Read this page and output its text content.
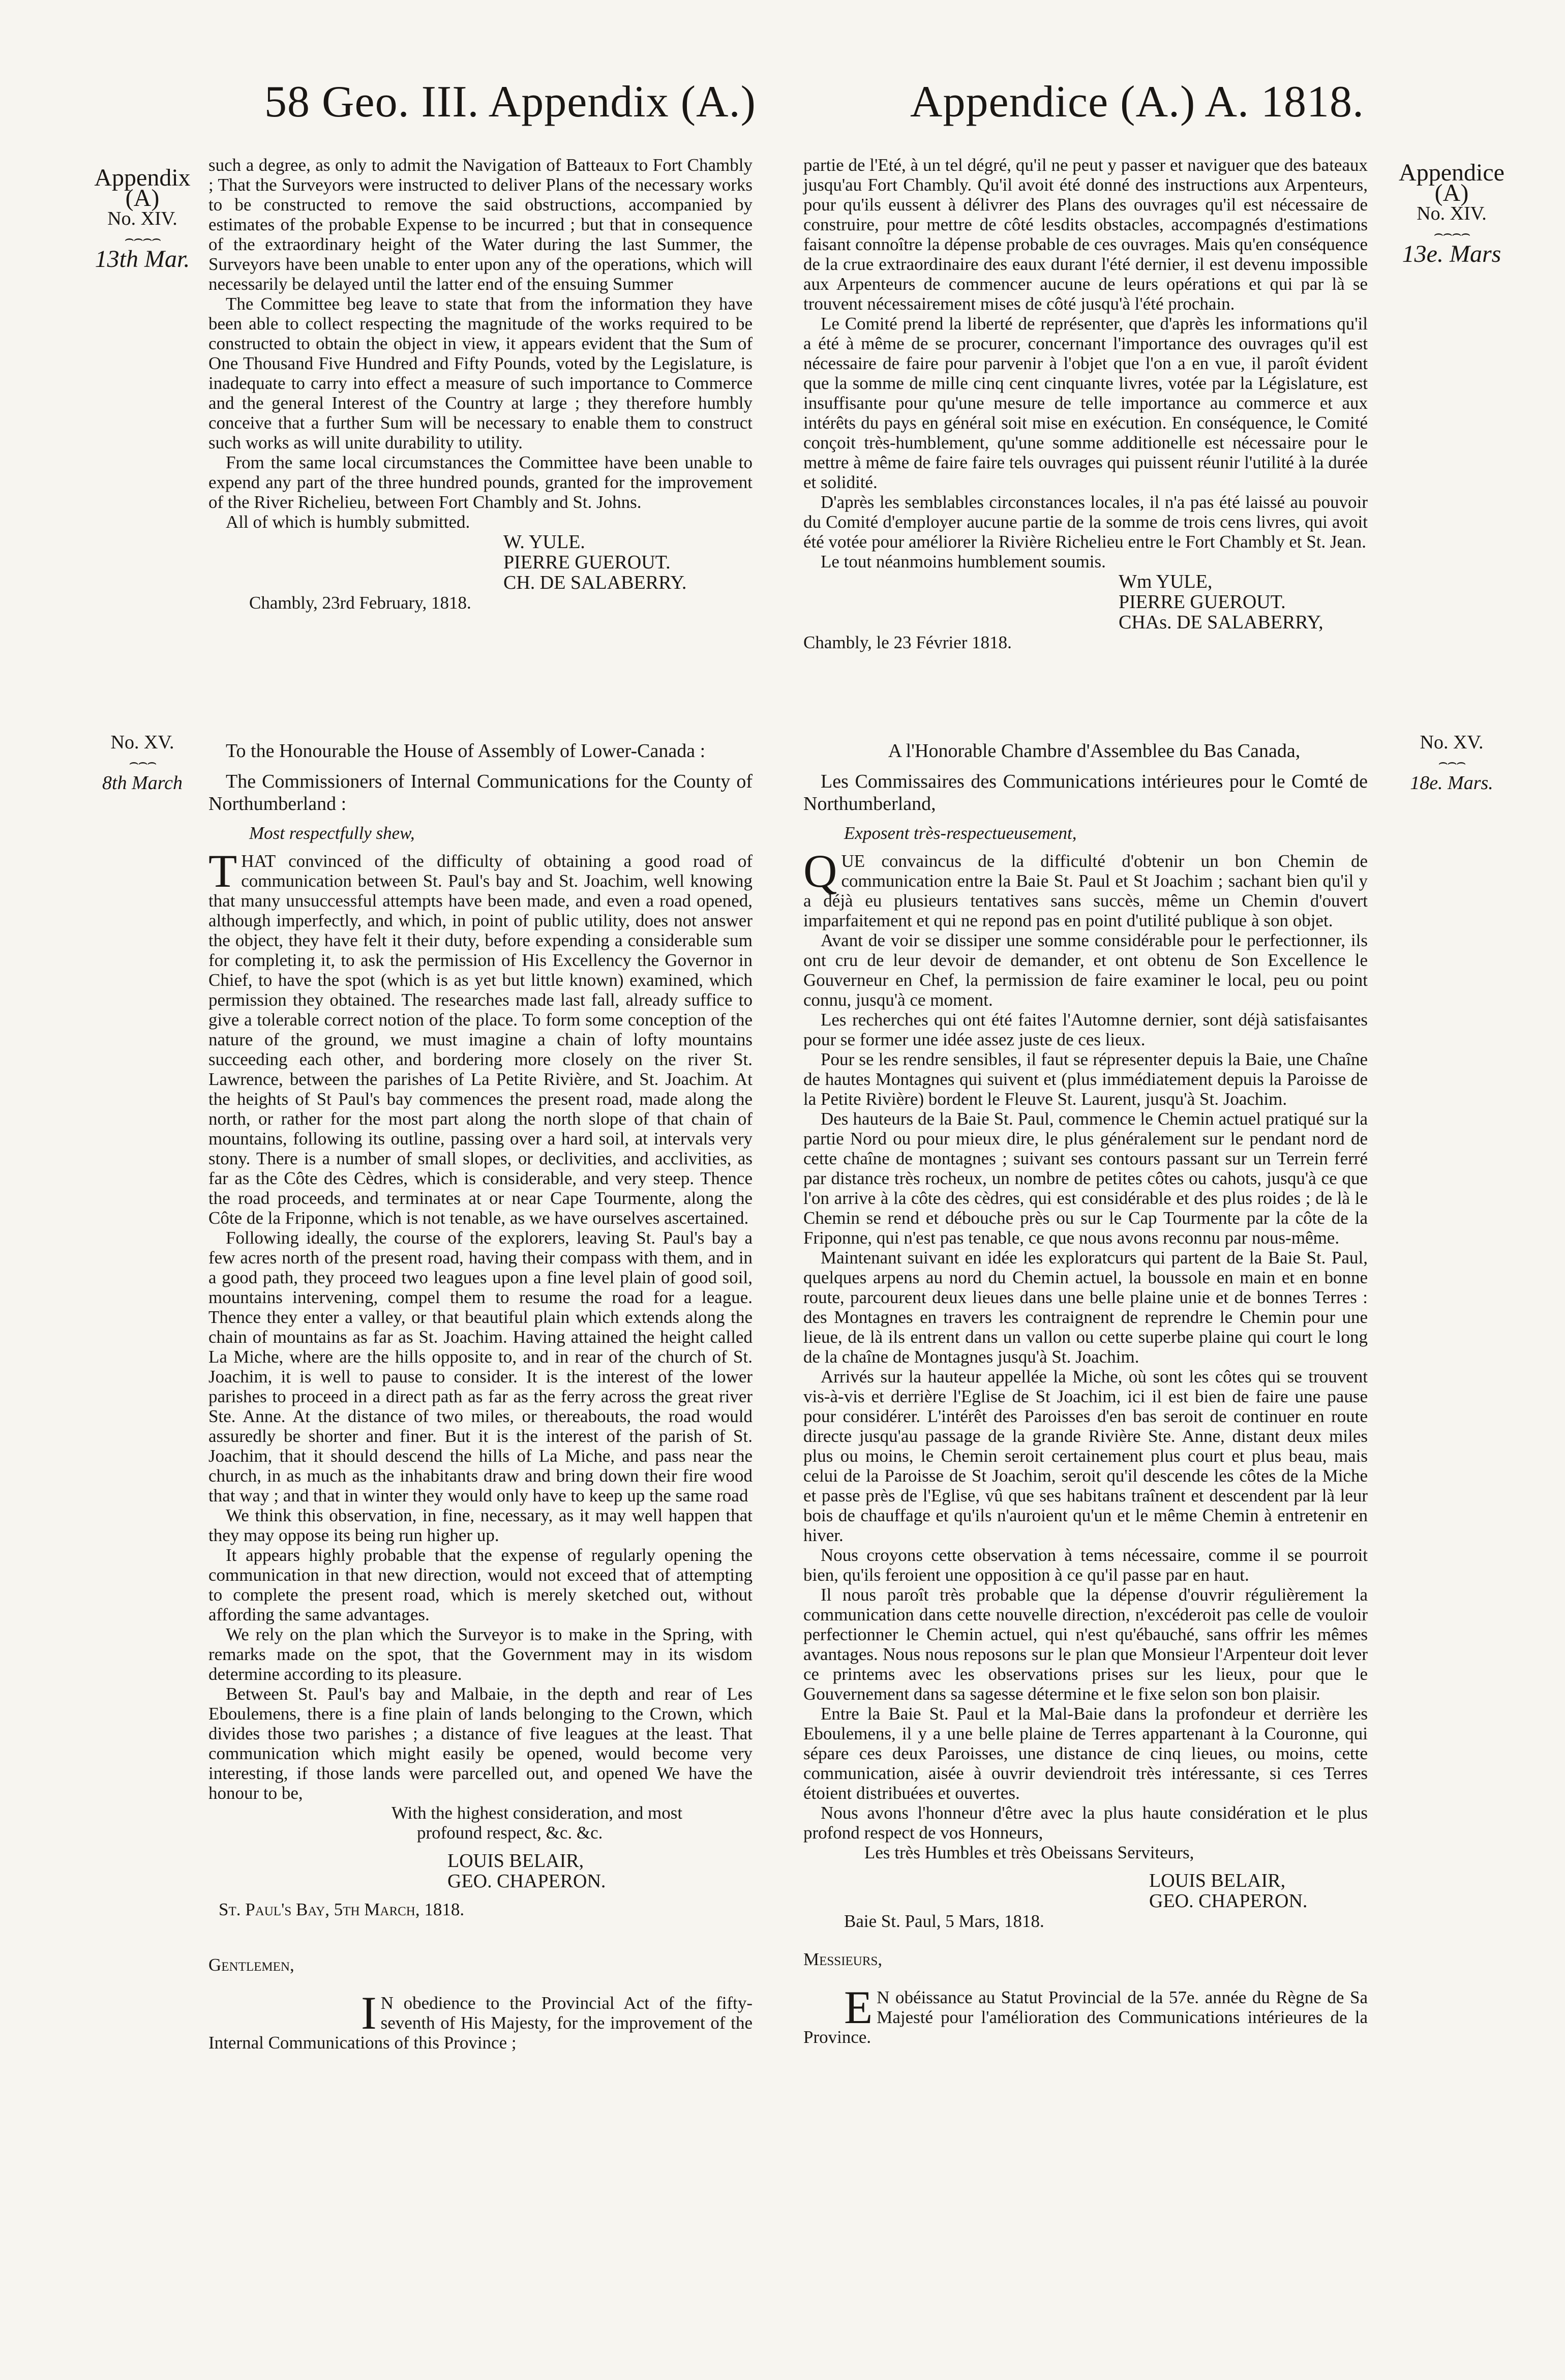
58 Geo. III. Appendix (A.)	Appendice (A.) A. 1818.
Appendix
(A)
No. XIV.
⌢⌢⌢⌢
13th Mar.
No. XV.
⌢⌢⌢
8th March
Appendice
(A)
No. XIV.
⌢⌢⌢⌢
13e. Mars
No. XV.
⌢⌢⌢
18e. Mars.

such a degree, as only to admit the Navigation of Batteaux to Fort Chambly ; That the Surveyors were instructed to deliver Plans of the necessary works to be constructed to remove the said obstructions, accompanied by estimates of the probable Expense to be incurred ; but that in consequence of the extraordinary height of the Water during the last Summer, the Surveyors have been unable to enter upon any of the operations, which will necessarily be delayed until the latter end of the ensuing Summer

The Committee beg leave to state that from the information they have been able to collect respecting the magnitude of the works required to be constructed to obtain the object in view, it appears evident that the Sum of One Thousand Five Hundred and Fifty Pounds, voted by the Legislature, is inadequate to carry into effect a measure of such importance to Commerce and the general Interest of the Country at large ; they therefore humbly conceive that a further Sum will be necessary to enable them to construct such works as will unite durability to utility.

From the same local circumstances the Committee have been unable to expend any part of the three hundred pounds, granted for the improvement of the River Richelieu, between Fort Chambly and St. Johns.

All of which is humbly submitted.

W. YULE.
PIERRE GUEROUT.
CH. DE SALABERRY.

Chambly, 23rd February, 1818.

partie de l'Eté, à un tel dégré, qu'il ne peut y passer et naviguer que des bateaux jusqu'au Fort Chambly. Qu'il avoit été donné des instructions aux Arpenteurs, pour qu'ils eussent à délivrer des Plans des ouvrages qu'il est nécessaire de construire, pour mettre de côté lesdits obstacles, accompagnés d'estimations faisant connoître la dépense probable de ces ouvrages. Mais qu'en conséquence de la crue extraordinaire des eaux durant l'été dernier, il est devenu impossible aux Arpenteurs de commencer aucune de leurs opérations et qui par là se trouvent nécessairement mises de côté jusqu'à l'été prochain.

Le Comité prend la liberté de représenter, que d'après les informations qu'il a été à même de se procurer, concernant l'importance des ouvrages qu'il est nécessaire de faire pour parvenir à l'objet que l'on a en vue, il paroît évident que la somme de mille cinq cent cinquante livres, votée par la Législature, est insuffisante pour qu'une mesure de telle importance au commerce et aux intérêts du pays en général soit mise en exécution. En conséquence, le Comité conçoit très-humblement, qu'une somme additionelle est nécessaire pour le mettre à même de faire faire tels ouvrages qui puissent réunir l'utilité à la durée et solidité.

D'après les semblables circonstances locales, il n'a pas été laissé au pouvoir du Comité d'employer aucune partie de la somme de trois cens livres, qui avoit été votée pour améliorer la Rivière Richelieu entre le Fort Chambly et St. Jean.

Le tout néanmoins humblement soumis.

Wm YULE,
PIERRE GUEROUT.
CHAs. DE SALABERRY,

Chambly, le 23 Février 1818.

To the Honourable the House of Assembly of Lower-Canada :

The Commissioners of Internal Communications for the County of Northumberland :

Most respectfully shew,

THAT convinced of the difficulty of obtaining a good road of communication between St. Paul's bay and St. Joachim, well knowing that many unsuccessful attempts have been made, and even a road opened, although imperfectly, and which, in point of public utility, does not answer the object, they have felt it their duty, before expending a considerable sum for completing it, to ask the permission of His Excellency the Governor in Chief, to have the spot (which is as yet but little known) examined, which permission they obtained. The researches made last fall, already suffice to give a tolerable correct notion of the place. To form some conception of the nature of the ground, we must imagine a chain of lofty mountains succeeding each other, and bordering more closely on the river St. Lawrence, between the parishes of La Petite Rivière, and St. Joachim. At the heights of St Paul's bay commences the present road, made along the north, or rather for the most part along the north slope of that chain of mountains, following its outline, passing over a hard soil, at intervals very stony. There is a number of small slopes, or declivities, and acclivities, as far as the Côte des Cèdres, which is considerable, and very steep. Thence the road proceeds, and terminates at or near Cape Tourmente, along the Côte de la Friponne, which is not tenable, as we have ourselves ascertained.

Following ideally, the course of the explorers, leaving St. Paul's bay a few acres north of the present road, having their compass with them, and in a good path, they proceed two leagues upon a fine level plain of good soil, mountains intervening, compel them to resume the road for a league. Thence they enter a valley, or that beautiful plain which extends along the chain of mountains as far as St. Joachim. Having attained the height called La Miche, where are the hills opposite to, and in rear of the church of St. Joachim, it is well to pause to consider. It is the interest of the lower parishes to proceed in a direct path as far as the ferry across the great river Ste. Anne. At the distance of two miles, or thereabouts, the road would assuredly be shorter and finer. But it is the interest of the parish of St. Joachim, that it should descend the hills of La Miche, and pass near the church, in as much as the inhabitants draw and bring down their fire wood that way ; and that in winter they would only have to keep up the same road

We think this observation, in fine, necessary, as it may well happen that they may oppose its being run higher up.

It appears highly probable that the expense of regularly opening the communication in that new direction, would not exceed that of attempting to complete the present road, which is merely sketched out, without affording the same advantages.

We rely on the plan which the Surveyor is to make in the Spring, with remarks made on the spot, that the Government may in its wisdom determine according to its pleasure.

Between St. Paul's bay and Malbaie, in the depth and rear of Les Eboulemens, there is a fine plain of lands belonging to the Crown, which divides those two parishes ; a distance of five leagues at the least. That communication which might easily be opened, would become very interesting, if those lands were parcelled out, and opened We have the honour to be,

With the highest consideration, and most

profound respect, &c. &c.

LOUIS BELAIR,
GEO. CHAPERON.

St. Paul's Bay, 5th March, 1818.

Gentlemen,

I N obedience to the Provincial Act of the fifty-seventh of His Majesty, for the improvement of the Internal Communications of this Province ;

A l'Honorable Chambre d'Assemblee du Bas Canada,

Les Commissaires des Communications intérieures pour le Comté de Northumberland,

Exposent très-respectueusement,

QUE convaincus de la difficulté d'obtenir un bon Chemin de communication entre la Baie St. Paul et St Joachim ; sachant bien qu'il y a déjà eu plusieurs tentatives sans succès, même un Chemin d'ouvert imparfaitement et qui ne repond pas en point d'utilité publique à son objet.

Avant de voir se dissiper une somme considérable pour le perfectionner, ils ont cru de leur devoir de demander, et ont obtenu de Son Excellence le Gouverneur en Chef, la permission de faire examiner le local, peu ou point connu, jusqu'à ce moment.

Les recherches qui ont été faites l'Automne dernier, sont déjà satisfaisantes pour se former une idée assez juste de ces lieux.

Pour se les rendre sensibles, il faut se répresenter depuis la Baie, une Chaîne de hautes Montagnes qui suivent et (plus immédiatement depuis la Paroisse de la Petite Rivière) bordent le Fleuve St. Laurent, jusqu'à St. Joachim.

Des hauteurs de la Baie St. Paul, commence le Chemin actuel pratiqué sur la partie Nord ou pour mieux dire, le plus généralement sur le pendant nord de cette chaîne de montagnes ; suivant ses contours passant sur un Terrein ferré par distance très rocheux, un nombre de petites côtes ou cahots, jusqu'à ce que l'on arrive à la côte des cèdres, qui est considérable et des plus roides ; de là le Chemin se rend et débouche près ou sur le Cap Tourmente par la côte de la Friponne, qui n'est pas tenable, ce que nous avons reconnu par nous-même.

Maintenant suivant en idée les exploratcurs qui partent de la Baie St. Paul, quelques arpens au nord du Chemin actuel, la boussole en main et en bonne route, parcourent deux lieues dans une belle plaine unie et de bonnes Terres : des Montagnes en travers les contraignent de reprendre le Chemin pour une lieue, de là ils entrent dans un vallon ou cette superbe plaine qui court le long de la chaîne de Montagnes jusqu'à St. Joachim.

Arrivés sur la hauteur appellée la Miche, où sont les côtes qui se trouvent vis-à-vis et derrière l'Eglise de St Joachim, ici il est bien de faire une pause pour considérer. L'intérêt des Paroisses d'en bas seroit de continuer en route directe jusqu'au passage de la grande Rivière Ste. Anne, distant deux miles plus ou moins, le Chemin seroit certainement plus court et plus beau, mais celui de la Paroisse de St Joachim, seroit qu'il descende les côtes de la Miche et passe près de l'Eglise, vû que ses habitans traînent et descendent par là leur bois de chauffage et qu'ils n'auroient qu'un et le même Chemin à entretenir en hiver.

Nous croyons cette observation à tems nécessaire, comme il se pourroit bien, qu'ils feroient une opposition à ce qu'il passe par en haut.

Il nous paroît très probable que la dépense d'ouvrir régulièrement la communication dans cette nouvelle direction, n'excéderoit pas celle de vouloir perfectionner le Chemin actuel, qui n'est qu'ébauché, sans offrir les mêmes avantages. Nous nous reposons sur le plan que Monsieur l'Arpenteur doit lever ce printems avec les observations prises sur les lieux, pour que le Gouvernement dans sa sagesse détermine et le fixe selon son bon plaisir.

Entre la Baie St. Paul et la Mal-Baie dans la profondeur et derrière les Eboulemens, il y a une belle plaine de Terres appartenant à la Couronne, qui sépare ces deux Paroisses, une distance de cinq lieues, ou moins, cette communication, aisée à ouvrir deviendroit très intéressante, si ces Terres étoient distribuées et ouvertes.

Nous avons l'honneur d'être avec la plus haute considération et le plus profond respect de vos Honneurs,

Les très Humbles et très Obeissans Serviteurs,

LOUIS BELAIR,
GEO. CHAPERON.

Baie St. Paul, 5 Mars, 1818.

Messieurs,

E N obéissance au Statut Provincial de la 57e. année du Règne de Sa Majesté pour l'amélioration des Communications intérieures de la Province.
